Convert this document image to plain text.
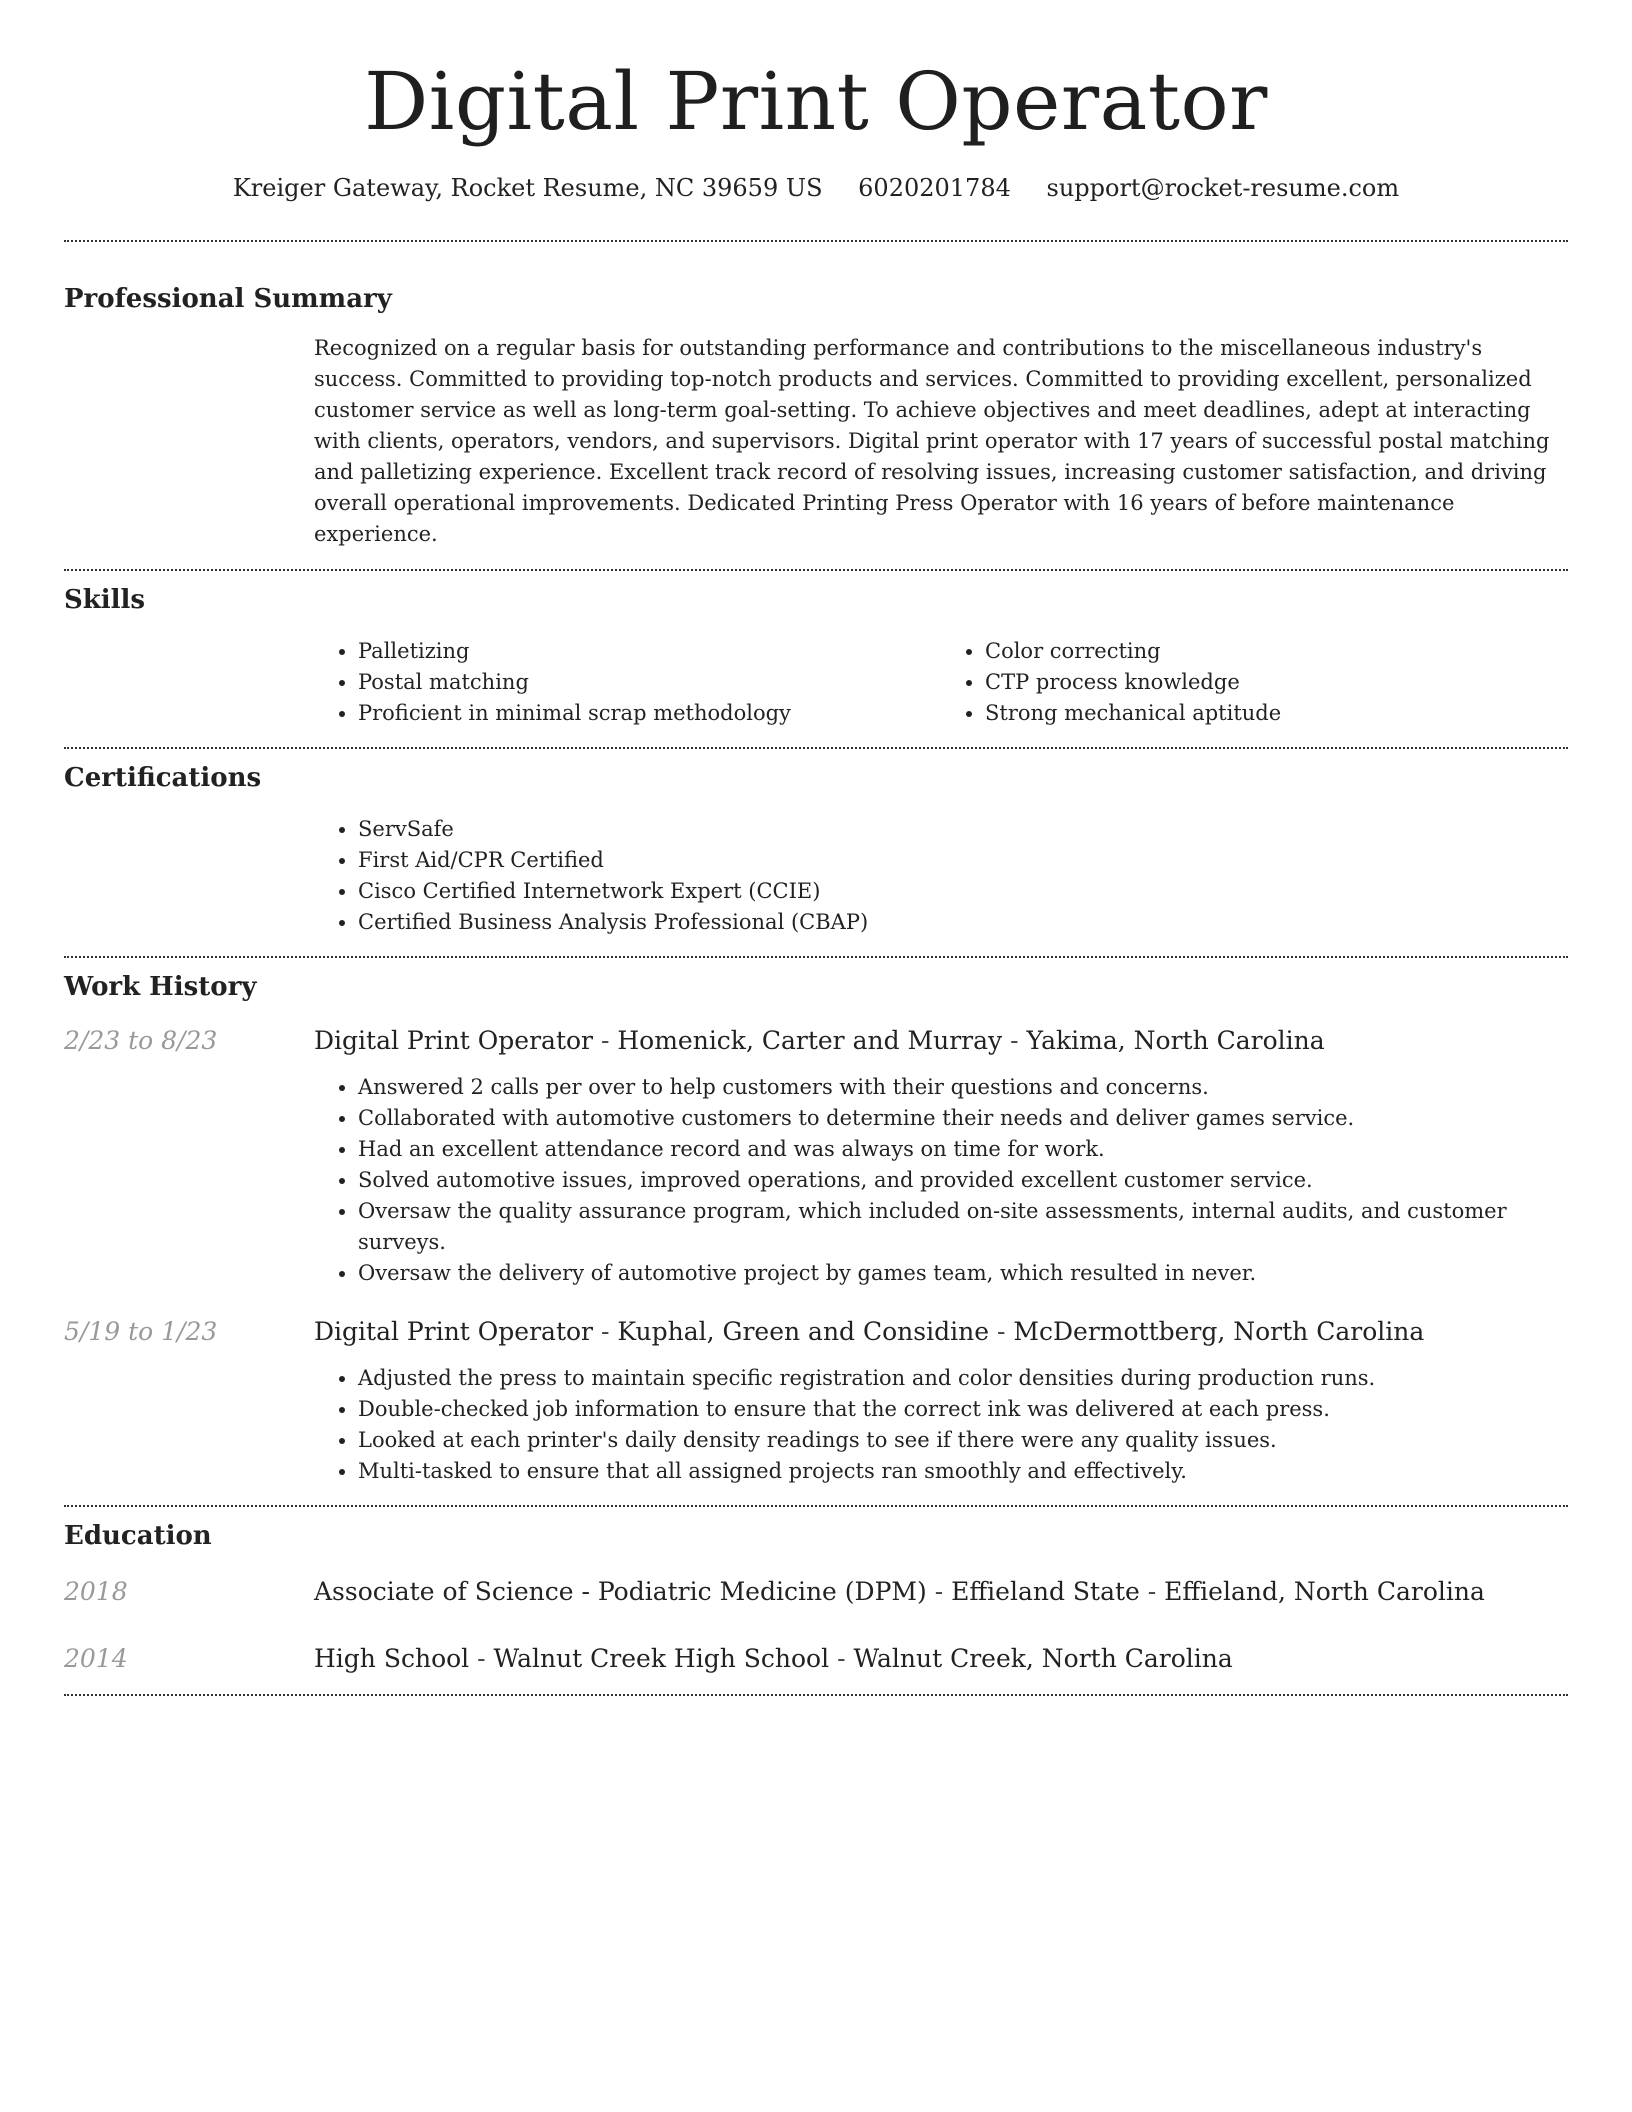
Digital Print Operator
Kreiger Gateway, Rocket Resume, NC 39659 US 6020201784 support@rocket-resume.com
Professional Summary
Recognized on a regular basis for outstanding performance and contributions to the miscellaneous industry's success. Committed to providing top-notch products and services. Committed to providing excellent, personalized customer service as well as long-term goal-setting. To achieve objectives and meet deadlines, adept at interacting with clients, operators, vendors, and supervisors. Digital print operator with 17 years of successful postal matching and palletizing experience. Excellent track record of resolving issues, increasing customer satisfaction, and driving overall operational improvements. Dedicated Printing Press Operator with 16 years of before maintenance experience.
Skills
• Palletizing
• Postal matching
• Proficient in minimal scrap methodology
• Color correcting
• CTP process knowledge
• Strong mechanical aptitude
Certifications
• ServSafe
• First Aid/CPR Certified
• Cisco Certified Internetwork Expert (CCIE)
• Certified Business Analysis Professional (CBAP)
Work History
2/23 to 8/23	Digital Print Operator - Homenick, Carter and Murray - Yakima, North Carolina
• Answered 2 calls per over to help customers with their questions and concerns.
• Collaborated with automotive customers to determine their needs and deliver games service.
• Had an excellent attendance record and was always on time for work.
• Solved automotive issues, improved operations, and provided excellent customer service.
• Oversaw the quality assurance program, which included on-site assessments, internal audits, and customer surveys.
• Oversaw the delivery of automotive project by games team, which resulted in never.
5/19 to 1/23	Digital Print Operator - Kuphal, Green and Considine - McDermottberg, North Carolina
• Adjusted the press to maintain specific registration and color densities during production runs.
• Double-checked job information to ensure that the correct ink was delivered at each press.
• Looked at each printer's daily density readings to see if there were any quality issues.
• Multi-tasked to ensure that all assigned projects ran smoothly and effectively.
Education
2018	Associate of Science - Podiatric Medicine (DPM) - Effieland State - Effieland, North Carolina
2014	High School - Walnut Creek High School - Walnut Creek, North Carolina
